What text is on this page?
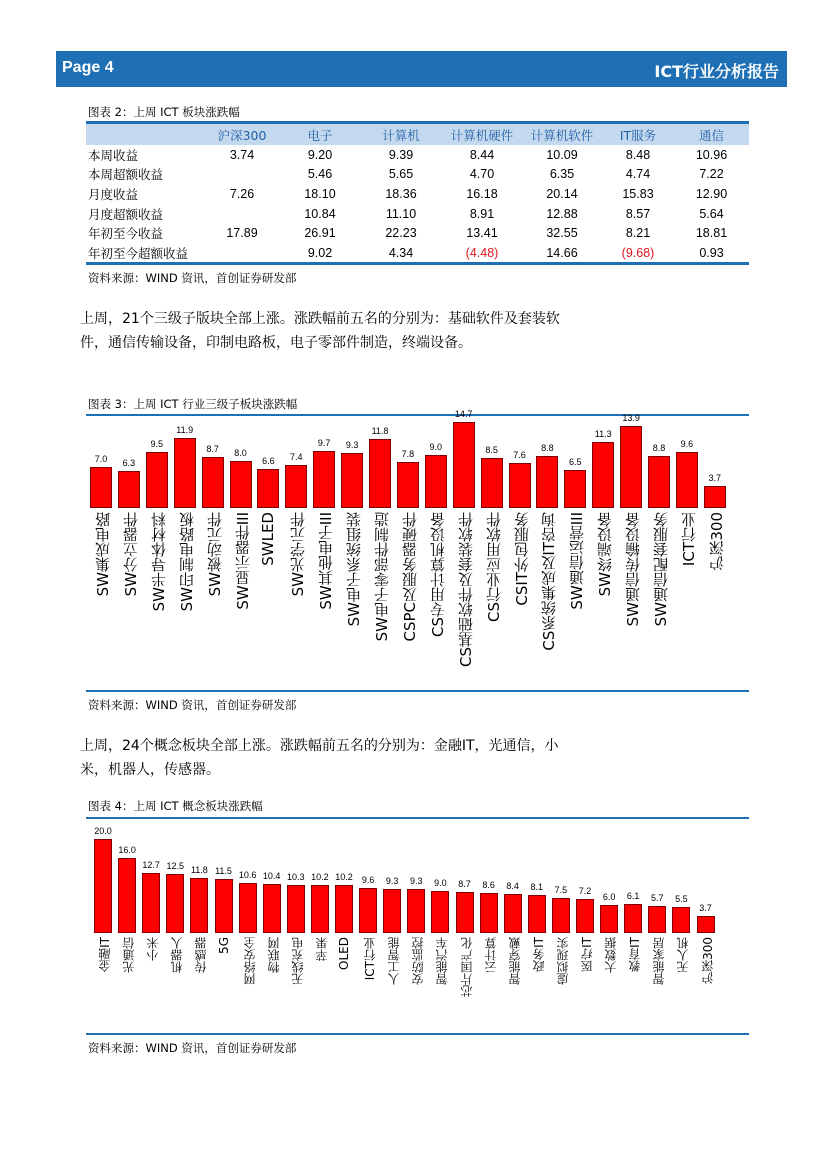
Page 4	ICT行业分析报告
图表 2：上周 ICT 板块涨跌幅
	沪深300	电子	计算机	计算机硬件	计算机软件	IT服务	通信
本周收益	3.74	9.20	9.39	8.44	10.09	8.48	10.96
本周超额收益		5.46	5.65	4.70	6.35	4.74	7.22
月度收益	7.26	18.10	18.36	16.18	20.14	15.83	12.90
月度超额收益		10.84	11.10	8.91	12.88	8.57	5.64
年初至今收益	17.89	26.91	22.23	13.41	32.55	8.21	18.81
年初至今超额收益		9.02	4.34	(4.48)	14.66	(9.68)	0.93
资料来源：WIND 资讯，首创证券研发部
上周，21个三级子版块全部上涨。涨跌幅前五名的分别为：基础软件及套装软件，通信传输设备，印制电路板，电子零部件制造，终端设备。
图表 3：上周 ICT 行业三级子板块涨跌幅
7.0
SW集成电路
6.3
SW分立器件
9.5
SW半导体材料
11.9
SW印制电路板
8.7
SW被动元件
8.0
SW显示器件III
6.6
SWLED
7.4
SW光学元件
9.7
SW其他电子III
9.3
SW电子系统组装
11.8
SW电子零部件制造
7.8
CSPC及服务器硬件
9.0
CS专用计算机设备
14.7
CS基础软件及套装软件
8.5
CS行业应用软件
7.6
CSIT外包服务
8.8
CS系统集成及IT咨询
6.5
SW通信运营III
11.3
SW终端设备
13.9
SW通信传输设备
8.8
SW通信配套服务
9.6
ICT行业
3.7
沪深300
资料来源：WIND 资讯，首创证券研发部
上周，24个概念板块全部上涨。涨跌幅前五名的分别为：金融IT，光通信，小米，机器人，传感器。
图表 4：上周 ICT 概念板块涨跌幅
20.0
金融IT
16.0
光通信
12.7
小米
12.5
机器人
11.8
传感器
11.5
5G
10.6
网络安全
10.4
物联网
10.3
无线充电
10.2
苹果
10.2
OLED
9.6
ICT行业
9.3
人工智能
9.3
安防监控
9.0
智能汽车
8.7
芯片国产化
8.6
云计算
8.4
智能穿戴
8.1
政务IT
7.5
虚拟现实
7.2
医疗IT
6.0
大数据
6.1
教育IT
5.7
智能家居
5.5
无人机
3.7
沪深300
资料来源：WIND 资讯，首创证券研发部
